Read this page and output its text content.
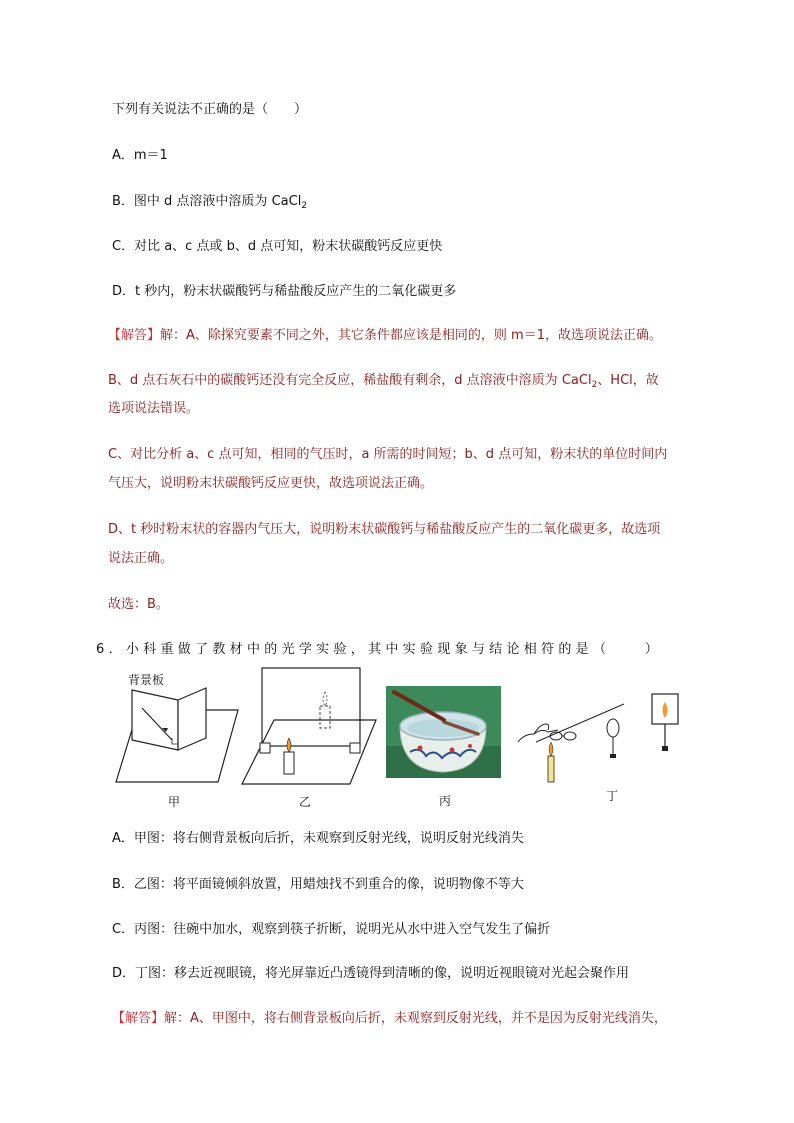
下列有关说法不正确的是（　　）
A．m＝1
B．图中 d 点溶液中溶质为 CaCl$_2$
C．对比 a、c 点或 b、d 点可知，粉末状碳酸钙反应更快
D．t 秒内，粉末状碳酸钙与稀盐酸反应产生的二氧化碳更多
【解答】解：A、除探究要素不同之外，其它条件都应该是相同的，则 m＝1，故选项说法正确。
B、d 点石灰石中的碳酸钙还没有完全反应，稀盐酸有剩余，d 点溶液中溶质为 CaCl$_2$、HCl，故
选项说法错误。
C、对比分析 a、c 点可知，相同的气压时，a 所需的时间短；b、d 点可知，粉末状的单位时间内
气压大，说明粉末状碳酸钙反应更快，故选项说法正确。
D、t 秒时粉末状的容器内气压大，说明粉末状碳酸钙与稀盐酸反应产生的二氧化碳更多，故选项
说法正确。
故选：B。
6．小科重做了教材中的光学实验，其中实验现象与结论相符的是（　　）
背景板
甲	乙	丙	丁
A．甲图：将右侧背景板向后折，未观察到反射光线，说明反射光线消失
B．乙图：将平面镜倾斜放置，用蜡烛找不到重合的像，说明物像不等大
C．丙图：往碗中加水，观察到筷子折断，说明光从水中进入空气发生了偏折
D．丁图：移去近视眼镜，将光屏靠近凸透镜得到清晰的像，说明近视眼镜对光起会聚作用
【解答】解：A、甲图中，将右侧背景板向后折，未观察到反射光线，并不是因为反射光线消失，
